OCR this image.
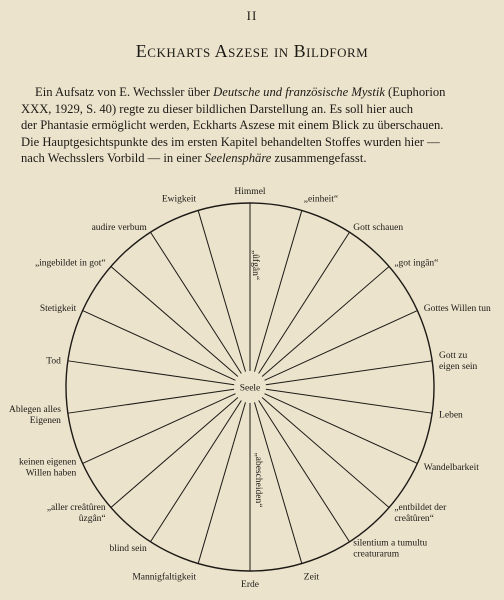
II
Eckharts Aszese in Bildform

Ein Aufsatz von E. Wechssler über Deutsche und französische Mystik (Euphorion

XXX, 1929, S. 40) regte zu dieser bildlichen Darstellung an. Es soll hier auch

der Phantasie ermöglicht werden, Eckharts Aszese mit einem Blick zu überschauen.

Die Hauptgesichtspunkte des im ersten Kapitel behandelten Stoffes wurden hier —

nach Wechsslers Vorbild — in einer Seelensphäre zusammengefasst.

Seele
Himmel
„einheit“
Gott schauen
„got ingân“
Gottes Willen tun
Gott zu eigen sein
Leben
Wandelbarkeit
„entbildet der creâtûren“
silentium a tumultu creaturarum
Zeit
Erde
Mannigfaltigkeit
blind sein
„aller creâtûren ûzgân“
keinen eigenen Willen haben
Ablegen alles Eigenen
Tod
Stetigkeit
„ingebildet in got“
audire verbum
Ewigkeit
„ûfgân“
„abescheiden“
